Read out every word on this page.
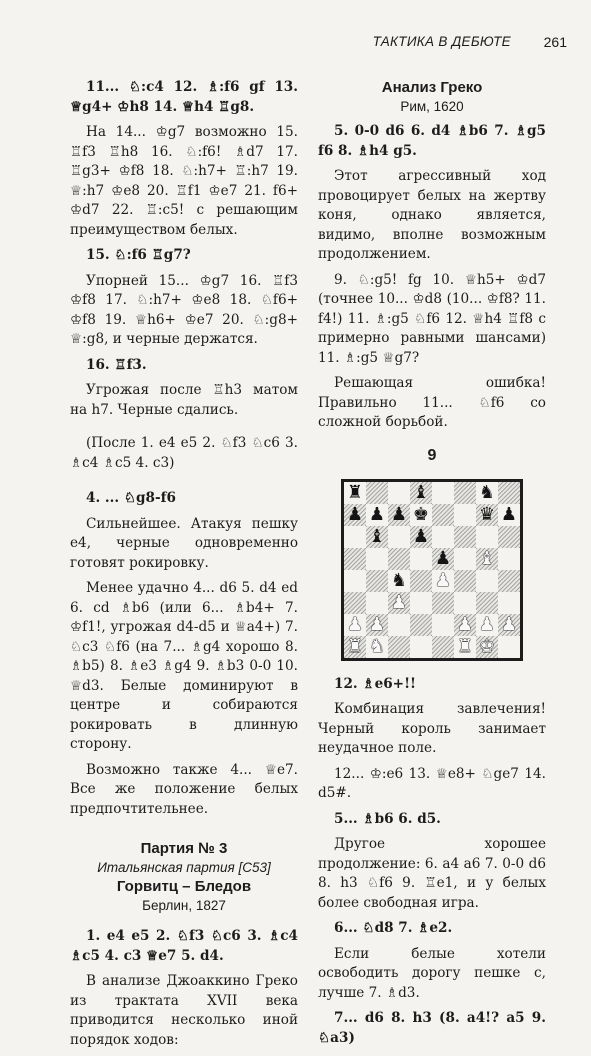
ТАКТИКА В ДЕБЮТЕ 261

11... ♘:c4 12. ♗:f6 gf 13. ♕g4+ ♔h8 14. ♕h4 ♖g8.

На 14... ♔g7 возможно 15. ♖f3 ♖h8 16. ♘:f6! ♗d7 17. ♖g3+ ♔f8 18. ♘:h7+ ♖:h7 19. ♕:h7 ♔e8 20. ♖f1 ♔e7 21. f6+ ♔d7 22. ♖:c5! с решающим преимуществом белых.

15. ♘:f6 ♖g7?

Упорней 15... ♔g7 16. ♖f3 ♔f8 17. ♘:h7+ ♔e8 18. ♘f6+ ♔f8 19. ♕h6+ ♔e7 20. ♘:g8+ ♕:g8, и черные держатся.

16. ♖f3.

Угрожая после ♖h3 матом на h7. Черные сдались.

(После 1. e4 e5 2. ♘f3 ♘c6 3. ♗c4 ♗c5 4. c3)

4. ... ♘g8-f6

Сильнейшее. Атакуя пешку e4, черные одновременно готовят рокировку.

Менее удачно 4... d6 5. d4 ed 6. cd ♗b6 (или 6... ♗b4+ 7. ♔f1!, угрожая d4-d5 и ♕a4+) 7. ♘c3 ♘f6 (на 7... ♗g4 хорошо 8. ♗b5) 8. ♗e3 ♗g4 9. ♗b3 0-0 10. ♕d3. Белые доминируют в центре и собираются рокировать в длинную сторону.

Возможно также 4... ♕e7. Все же положение белых предпочтительнее.

Партия № 3
Итальянская партия [C53]
Горвитц – Бледов
Берлин, 1827

1. e4 e5 2. ♘f3 ♘c6 3. ♗c4 ♗c5 4. c3 ♕e7 5. d4.

В анализе Джоаккино Греко из трактата XVII века приводится несколько иной порядок ходов:

Анализ Греко
Рим, 1620

5. 0-0 d6 6. d4 ♗b6 7. ♗g5 f6 8. ♗h4 g5.

Этот агрессивный ход провоцирует белых на жертву коня, однако является, видимо, вполне возможным продолжением.

9. ♘:g5! fg 10. ♕h5+ ♔d7 (точнее 10... ♔d8 (10... ♔f8? 11. f4!) 11. ♗:g5 ♘f6 12. ♕h4 ♖f8 с примерно равными шансами) 11. ♗:g5 ♕g7?

Решающая ошибка! Правильно 11... ♘f6 со сложной борьбой.

9
♜	♝	♞
♟ ♟ ♟ ♚	♛ ♟
♝ ♟
♟ ♝
♞ ♟
♟
♟ ♟	♟ ♟ ♟
♜ ♞	♜ ♚

12. ♗e6+!!

Комбинация завлечения! Черный король занимает неудачное поле.

12... ♔:e6 13. ♕e8+ ♘ge7 14. d5#.

5... ♗b6 6. d5.

Другое хорошее продолжение: 6. a4 a6 7. 0-0 d6 8. h3 ♘f6 9. ♖e1, и у белых более свободная игра.

6... ♘d8 7. ♗e2.

Если белые хотели освободить дорогу пешке c, лучше 7. ♗d3.

7... d6 8. h3 (8. a4!? a5 9. ♘a3)
